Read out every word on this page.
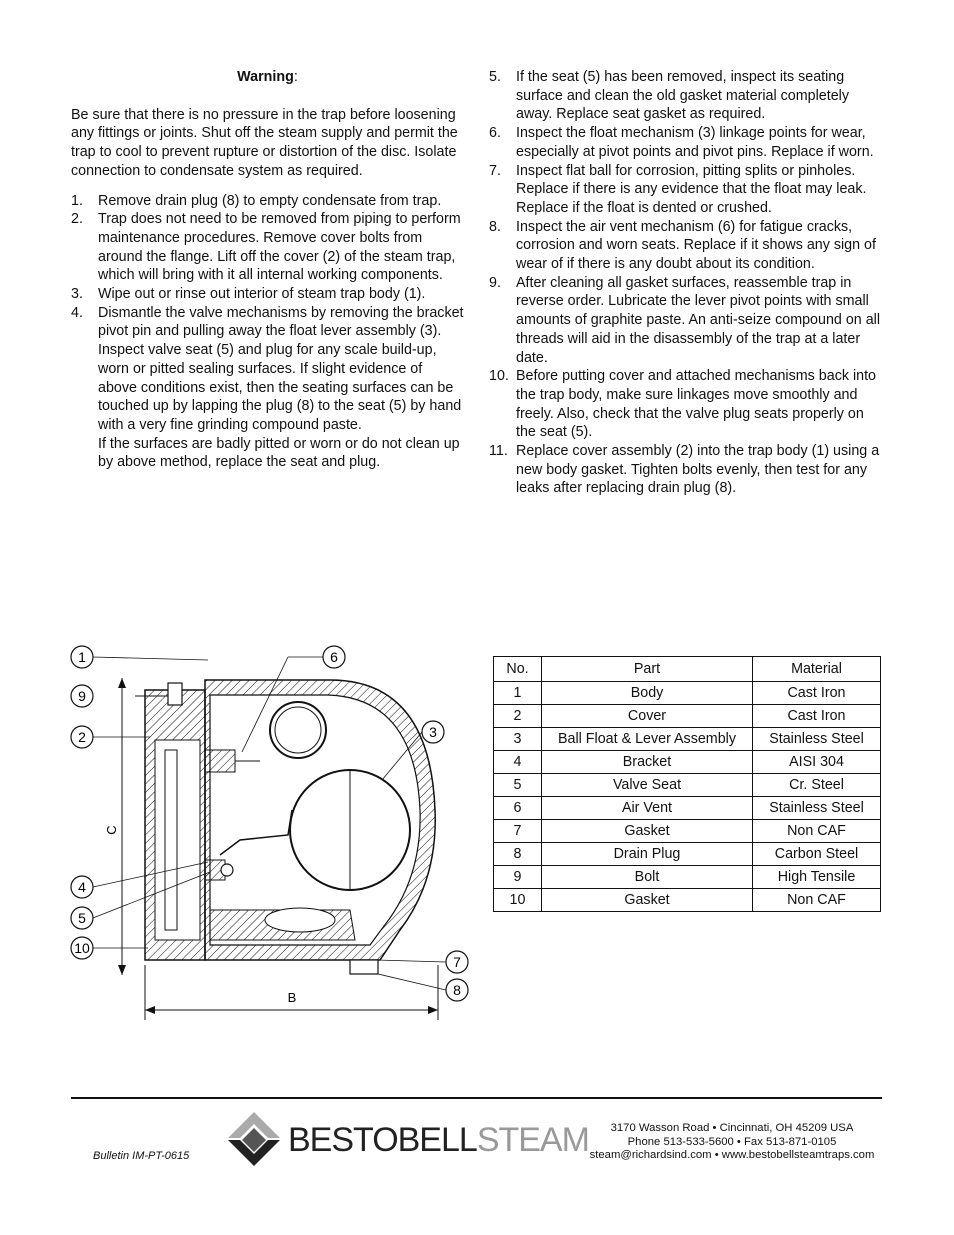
Warning:

Be sure that there is no pressure in the trap before loosening any fittings or joints. Shut off the steam supply and permit the trap to cool to prevent rupture or distortion of the disc. Isolate connection to condensate system as required.

1. Remove drain plug (8) to empty condensate from trap.
2. Trap does not need to be removed from piping to perform maintenance procedures. Remove cover bolts from around the flange. Lift off the cover (2) of the steam trap, which will bring with it all internal working components.
3. Wipe out or rinse out interior of steam trap body (1).
4. Dismantle the valve mechanisms by removing the bracket pivot pin and pulling away the float lever assembly (3).

Inspect valve seat (5) and plug for any scale build-up, worn or pitted sealing surfaces. If slight evidence of above conditions exist, then the seating surfaces can be touched up by lapping the plug (8) to the seat (5) by hand with a very fine grinding compound paste.

If the surfaces are badly pitted or worn or do not clean up by above method, replace the seat and plug.

5. If the seat (5) has been removed, inspect its seating surface and clean the old gasket material completely away. Replace seat gasket as required.
6. Inspect the float mechanism (3) linkage points for wear, especially at pivot points and pivot pins. Replace if worn.
7. Inspect flat ball for corrosion, pitting splits or pinholes. Replace if there is any evidence that the float may leak. Replace if the float is dented or crushed.
8. Inspect the air vent mechanism (6) for fatigue cracks, corrosion and worn seats. Replace if it shows any sign of wear of if there is any doubt about its condition.
9. After cleaning all gasket surfaces, reassemble trap in reverse order. Lubricate the lever pivot points with small amounts of graphite paste. An anti-seize compound on all threads will aid in the disassembly of the trap at a later date.
10. Before putting cover and attached mechanisms back into the trap body, make sure linkages move smoothly and freely. Also, check that the valve plug seats properly on the seat (5).
11. Replace cover assembly (2) into the trap body (1) using a new body gasket. Tighten bolts evenly, then test for any leaks after replacing drain plug (8).
C
B
1
9
2
4
5
10
6
3
7
8
No.	Part	Material
1	Body	Cast Iron
2	Cover	Cast Iron
3	Ball Float & Lever Assembly	Stainless Steel
4	Bracket	AISI 304
5	Valve Seat	Cr. Steel
6	Air Vent	Stainless Steel
7	Gasket	Non CAF
8	Drain Plug	Carbon Steel
9	Bolt	High Tensile
10	Gasket	Non CAF
Bulletin IM-PT-0615	BESTOBELLSTEAM	3170 Wasson Road • Cincinnati, OH 45209 USA
Phone 513-533-5600 • Fax 513-871-0105
steam@richardsind.com • www.bestobellsteamtraps.com
